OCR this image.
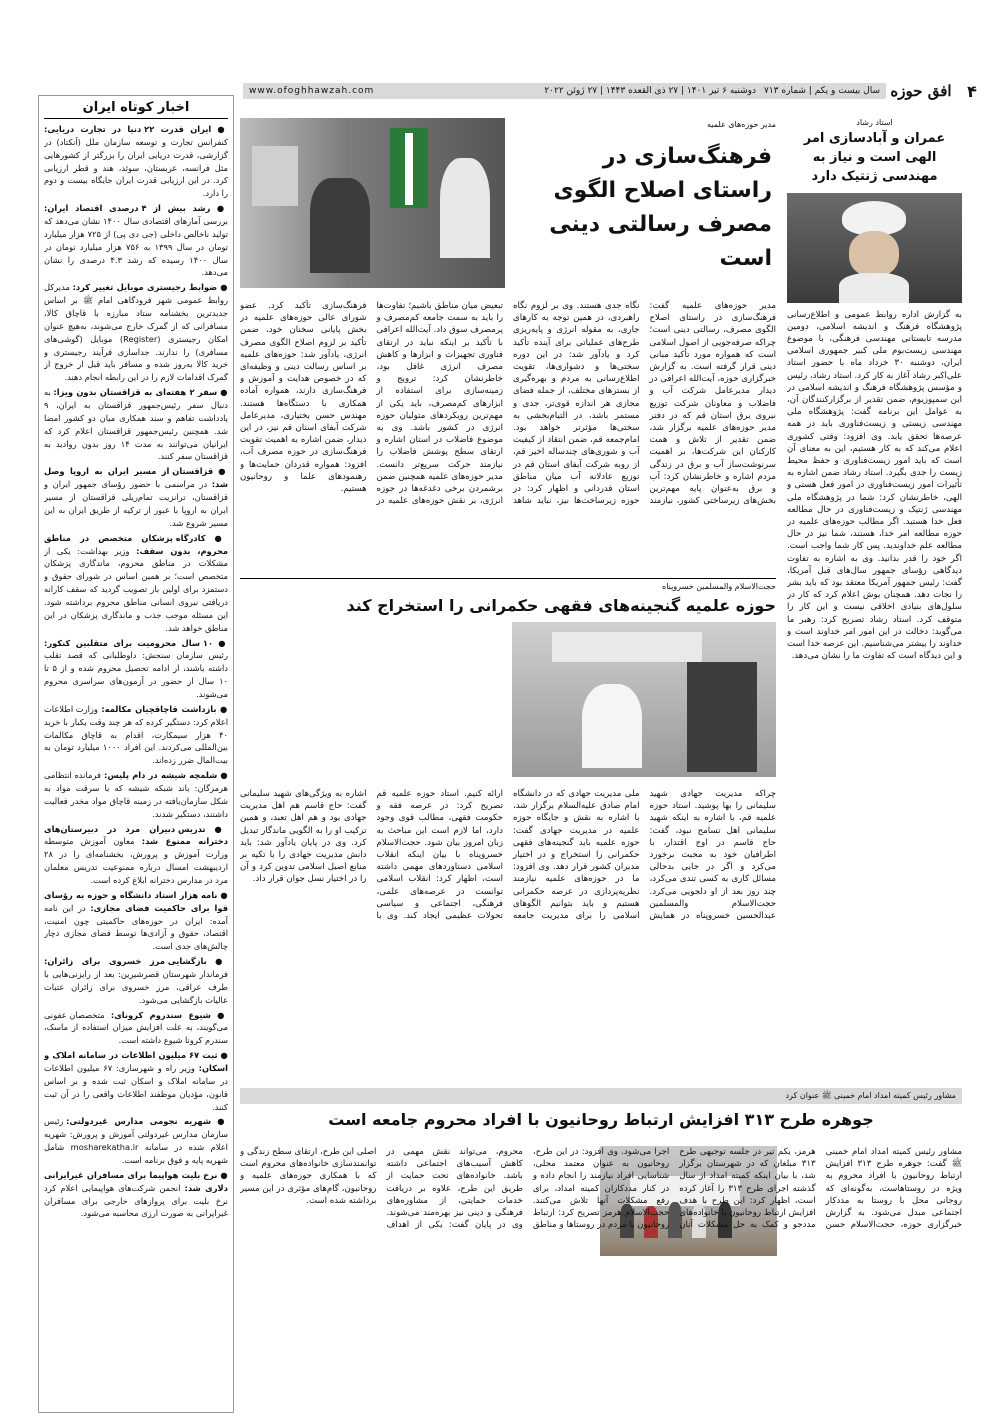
۴
افق حوزه
سال بیست و یکم | شماره ۷۱۳
دوشنبه ۶ تیر ۱۴۰۱ | ۲۷ ذی القعده ۱۴۴۳ | ۲۷ ژوئن ۲۰۲۲
www.ofoghhawzah.com
اخبار کوتاه ایران

● ایران قدرت ۲۲ دنیا در تجارت دریایی: کنفرانس تجارت و توسعه سازمان ملل (آنکتاد) در گزارشی، قدرت دریایی ایران را بزرگتر از کشورهایی مثل فرانسه، عربستان، سوئد، هند و قطر ارزیابی کرد. در این ارزیابی قدرت ایران جایگاه بیست و دوم را دارد.

● رشد بیش از ۴ درصدی اقتصاد ایران: بررسی آمارهای اقتصادی سال ۱۴۰۰ نشان می‌دهد که تولید ناخالص داخلی (جی دی پی) از ۷۲۵ هزار میلیارد تومان در سال ۱۳۹۹ به ۷۵۶ هزار میلیارد تومان در سال ۱۴۰۰ رسیده که رشد ۴.۳ درصدی را نشان می‌دهد.

● ضوابط رجیستری موبایل تغییر کرد: مدیرکل روابط عمومی شهر فرودگاهی امام ﷺ بر اساس جدیدترین بخشنامه ستاد مبارزه با قاچاق کالا، مسافرانی که از گمرک خارج می‌شوند، به‌هیچ عنوان امکان رجیستری (Register) موبایل (گوشی‌های مسافری) را ندارند. جداسازی فرآیند رجیستری و خرید کالا به‌روز شده و مسافر باید قبل از خروج از گمرک اقدامات لازم را در این رابطه انجام دهند.

● سفر ۲ هفته‌ای به قزاقستان بدون ویزا: به دنبال سفر رئیس‌جمهور قزاقستان به ایران، ۹ یادداشت تفاهم و سند همکاری میان دو کشور امضا شد. همچنین رئیس‌جمهور قزاقستان اعلام کرد که ایرانیان می‌توانند به مدت ۱۴ روز بدون روادید به قزاقستان سفر کنند.

● قزاقستان از مسیر ایران به اروپا وصل شد: در مراسمی با حضور رؤسای جمهور ایران و قزاقستان، ترانزیت تمام‌ریلی قزاقستان از مسیر ایران به اروپا با عبور از ترکیه از طریق ایران به این مسیر شروع شد.

● کادرگاه پزشکان متخصص در مناطق محروم، بدون سقف: وزیر بهداشت: یکی از مشکلات در مناطق محروم، ماندگاری پزشکان متخصص است؛ بر همین اساس در شورای حقوق و دستمزد برای اولین بار تصویب گردید که سقف کارانه دریافتی نیروی انسانی مناطق محروم برداشته شود. این مسئله موجب جذب و ماندگاری پزشکان در این مناطق خواهد شد.

● ۱۰ سال محرومیت برای متقلبین کنکور: رئیس سازمان سنجش: داوطلبانی که قصد تقلب داشته باشند، از ادامه تحصیل محروم شده و از ۵ تا ۱۰ سال از حضور در آزمون‌های سراسری محروم می‌شوند.

● بازداشت قاچاقچیان مکالمه: وزارت اطلاعات اعلام کرد: دستگیر کرده که هر چند وقت یکبار با خرید ۴۰ هزار سیمکارت، اقدام به قاچاق مکالمات بین‌المللی می‌کردند. این افراد ۱۰۰۰ میلیارد تومان به بیت‌المال ضرر زده‌اند.

● شلمچه شیشه در دام پلیس: فرمانده انتظامی هرمزگان: باند شبکه شیشه که با سرقت مواد به شکل سازمان‌یافته در زمینه قاچاق مواد مخدر فعالیت داشتند، دستگیر شدند.

● تدریس دبیران مرد در دبیرستان‌های دخترانه ممنوع شد: معاون آموزش متوسطه وزارت آموزش و پرورش، بخشنامه‌ای را در ۲۸ اردیبهشت امسال درباره ممنوعیت تدریس معلمان مرد در مدارس دخترانه ابلاغ کرده است.

● نامه هزار استاد دانشگاه و حوزه به رؤسای قوا برای حاکمیت فضای مجازی: در این نامه آمده: ایران در حوزه‌های حاکمیتی چون امنیت، اقتصاد، حقوق و آزادی‌ها توسط فضای مجازی دچار چالش‌های جدی است.

● بازگشایی مرز خسروی برای زائران: فرماندار شهرستان قصرشیرین: بعد از رایزنی‌هایی با طرف عراقی، مرز خسروی برای زائران عتبات عالیات بازگشایی می‌شود.

● شیوع سندروم کرونای: متخصصان عفونی می‌گویند، به علت افزایش میزان استفاده از ماسک، سندرم کرونا شیوع داشته است.

● ثبت ۶۷ میلیون اطلاعات در سامانه املاک و اسکان: وزیر راه و شهرسازی: ۶۷ میلیون اطلاعات در سامانه املاک و اسکان ثبت شده و بر اساس قانون، مؤدیان موظفند اطلاعات واقعی را در آن ثبت کنند.

● شهریه نجومی مدارس غیردولتی: رئیس سازمان مدارس غیردولتی آموزش و پرورش: شهریه اعلام شده در سامانه mosharekatha.ir شامل شهریه پایه و فوق برنامه است.

● نرخ بلیت هواپیما برای مسافران غیرایرانی دلاری شد: انجمن شرکت‌های هواپیمایی اعلام کرد نرخ بلیت برای پروازهای خارجی برای مسافران غیرایرانی به صورت ارزی محاسبه می‌شود.

استاد رشاد
عمران و آبادسازی امر الهی است و نیاز به مهندسی ژنتیک دارد
به گزارش اداره روابط عمومی و اطلاع‌رسانی پژوهشگاه فرهنگ و اندیشه اسلامی، دومین مدرسه تابستانی مهندسی فرهنگی، با موضوع مهندسی زیست‌بوم ملی کبیر جمهوری اسلامی ایران، دوشنبه ۳۰ خرداد ماه با حضور استاد علی‌اکبر رشاد آغاز به کار کرد. استاد رشاد، رئیس و مؤسس پژوهشگاه فرهنگ و اندیشه اسلامی در این سمپوزیوم، ضمن تقدیر از برگزارکنندگان آن، به عوامل این برنامه گفت: پژوهشگاه ملی مهندسی زیستی و زیست‌فناوری باید در همه عرصه‌ها تحقق یابد. وی افزود: وقتی کشوری اعلام می‌کند که به کار هستیم، این به معنای آن است که باید امور زیست‌فناوری و حفظ محیط زیست را جدی بگیرد. استاد رشاد ضمن اشاره به تأثیرات امور زیست‌فناوری در امور فعل هستی و الهی، خاطرنشان کرد: شما در پژوهشگاه ملی مهندسی ژنتیک و زیست‌فناوری در حال مطالعه فعل خدا هستید. اگر مطالب حوزه‌های علمیه در حوزه مطالعه امر خدا، هستند، شما نیز در حال مطالعه علم خداوندید. پس کار شما واجب است. اگر خود را قدر بدانید. وی به اشاره به تفاوت دیدگاهی رؤسای جمهور سال‌های قبل آمریکا، گفت: رئیس جمهور آمریکا معتقد بود که باید بشر را نجات دهد. همچنان بوش اعلام کرد که کار در سلول‌های بنیادی اخلاقی نیست و این کار را متوقف کرد. استاد رشاد تصریح کرد: رهبر ما می‌گوید: دخالت در این امور امر خداوند است و خداوند را بیشتر می‌شناسیم. این عرصه خدا است و این دیدگاه است که تفاوت ما را نشان می‌دهد.
مدیر حوزه‌های علمیه
فرهنگ‌سازی در راستای اصلاح الگوی مصرف رسالتی دینی است
مدیر حوزه‌های علمیه گفت: فرهنگ‌سازی در راستای اصلاح الگوی مصرف، رسالتی دینی است؛ چراکه صرفه‌جویی از اصول اسلامی است که همواره مورد تأکید مبانی دینی قرار گرفته است. به گزارش خبرگزاری حوزه، آیت‌الله اعرافی در دیدار مدیرعامل شرکت آب و فاضلاب و معاونان شرکت توزیع نیروی برق استان قم که در دفتر مدیر حوزه‌های علمیه برگزار شد، ضمن تقدیر از تلاش و همت کارکنان این شرکت‌ها، بر اهمیت سرنوشت‌ساز آب و برق در زندگی مردم اشاره و خاطرنشان کرد: آب و برق به‌عنوان پایه مهم‌ترین بخش‌های زیرساختی کشور، نیازمند نگاه جدی هستند. وی بر لزوم نگاه راهبردی، در همین توجه به کارهای جاری، به مقوله انرژی و پایه‌ریزی طرح‌های عملیاتی برای آینده تأکید کرد و یادآور شد: در این دوره سختی‌ها و دشواری‌ها، تقویت اطلاع‌رسانی به مردم و بهره‌گیری از بسترهای مختلف، از جمله فضای مجازی هر اندازه قوی‌تر، جدی و مستمر باشد، در التیام‌بخشی به سختی‌ها مؤثرتر خواهد بود. امام‌جمعه قم، ضمن انتقاد از کیفیت آب و شوری‌های چندساله اخیر قم، از روبه شرکت آبفای استان قم در توزیع عادلانه آب میان مناطق استان قدردانی و اظهار کرد: در حوزه زیرساخت‌ها نیز، نباید شاهد تبعیض میان مناطق باشیم؛ تفاوت‌ها را باید به سمت جامعه کم‌مصرف و پرمصرف سوق داد. آیت‌الله اعرافی با تأکید بر اینکه نباید در ارتقای فناوری تجهیزات و ابزارها و کاهش مصرف انرژی غافل بود، خاطرنشان کرد: ترویج و زمینه‌سازی برای استفاده از ابزارهای کم‌مصرف، باید یکی از مهم‌ترین رویکردهای متولیان حوزه انرژی در کشور باشد. وی به موضوع فاضلاب در استان اشاره و ارتقای سطح پوشش فاضلاب را نیازمند حرکت سریع‌تر دانست. مدیر حوزه‌های علمیه همچنین ضمن برشمردن برخی دغدغه‌ها در حوزه انرژی، بر نقش حوزه‌های علمیه در فرهنگ‌سازی تأکید کرد. عضو شورای عالی حوزه‌های علمیه در بخش پایانی سخنان خود، ضمن تأکید بر لزوم اصلاح الگوی مصرف انرژی، یادآور شد: حوزه‌های علمیه بر اساس رسالت دینی و وظیفه‌ای که در خصوص هدایت و آموزش و فرهنگ‌سازی دارند، همواره آماده همکاری با دستگاه‌ها هستند. مهندس حسن بختیاری، مدیرعامل شرکت آبفای استان قم نیز، در این دیدار، ضمن اشاره به اهمیت تقویت فرهنگ‌سازی در حوزه مصرف آب، افزود: همواره قدردان حمایت‌ها و رهنمودهای علما و روحانیون هستیم.
حجت‌الاسلام والمسلمین خسروپناه
حوزه علمیه گنجینه‌های فقهی حکمرانی را استخراج کند
چراکه مدیریت جهادی شهید سلیمانی را بها پوشید. استاد حوزه علمیه قم، با اشاره به اینکه شهید سلیمانی اهل تسامح نبود، گفت: حاج قاسم در اوج اقتدار، با اطرافیان خود به محبت برخورد می‌کرد و اگر در جایی بدحالی مسائل کاری به کسی تندی می‌کرد، چند روز بعد از او دلجویی می‌کرد. حجت‌الاسلام والمسلمین عبدالحسین خسروپناه در همایش ملی مدیریت جهادی که در دانشگاه امام صادق علیه‌السلام برگزار شد، با اشاره به نقش و جایگاه حوزه علمیه در مدیریت جهادی گفت: حوزه علمیه باید گنجینه‌های فقهی حکمرانی را استخراج و در اختیار مدیران کشور قرار دهد. وی افزود: ما در حوزه‌های علمیه نیازمند نظریه‌پردازی در عرصه حکمرانی هستیم و باید بتوانیم الگوهای اسلامی را برای مدیریت جامعه ارائه کنیم. استاد حوزه علمیه قم تصریح کرد: در عرصه فقه و حکومت فقهی، مطالب قوی وجود دارد، اما لازم است این مباحث به زبان امروز بیان شود. حجت‌الاسلام خسروپناه با بیان اینکه انقلاب اسلامی دستاوردهای مهمی داشته است، اظهار کرد: انقلاب اسلامی توانست در عرصه‌های علمی، فرهنگی، اجتماعی و سیاسی تحولات عظیمی ایجاد کند. وی با اشاره به ویژگی‌های شهید سلیمانی گفت: حاج قاسم هم اهل مدیریت جهادی بود و هم اهل تعبد، و همین ترکیب او را به الگویی ماندگار تبدیل کرد. وی در پایان یادآور شد: باید دانش مدیریت جهادی را با تکیه بر منابع اصیل اسلامی تدوین کرد و آن را در اختیار نسل جوان قرار داد.
مشاور رئیس کمیته امداد امام خمینی ﷺ عنوان کرد
جوهره طرح ۳۱۳ افزایش ارتباط روحانیون با افراد محروم جامعه است
مشاور رئیس کمیته امداد امام خمینی ﷺ گفت: جوهره طرح ۳۱۳ افزایش ارتباط روحانیون با افراد محروم به ویژه در روستاهاست، به‌گونه‌ای که روحانی محل با روستا به مددکار اجتماعی مبدل می‌شود. به گزارش خبرگزاری حوزه، حجت‌الاسلام حسن هرمز، یکم تیر در جلسه توجیهی طرح ۳۱۳ مبلغان که در شهرستان برگزار شد، با بیان اینکه کمیته امداد از سال گذشته اجرای طرح ۳۱۳ را آغاز کرده است، اظهار کرد: این طرح با هدف افزایش ارتباط روحانیون با خانواده‌های مددجو و کمک به حل مشکلات آنان اجرا می‌شود. وی افزود: در این طرح، روحانیون به عنوان معتمد محلی، شناسایی افراد نیازمند را انجام داده و در کنار مددکاران کمیته امداد، برای رفع مشکلات آنها تلاش می‌کنند. حجت‌الاسلام هرمز تصریح کرد: ارتباط روحانیون با مردم در روستاها و مناطق محروم، می‌تواند نقش مهمی در کاهش آسیب‌های اجتماعی داشته باشد. خانواده‌های تحت حمایت از طریق این طرح، علاوه بر دریافت خدمات حمایتی، از مشاوره‌های فرهنگی و دینی نیز بهره‌مند می‌شوند. وی در پایان گفت: یکی از اهداف اصلی این طرح، ارتقای سطح زندگی و توانمندسازی خانواده‌های محروم است که با همکاری حوزه‌های علمیه و روحانیون، گام‌های مؤثری در این مسیر برداشته شده است.
